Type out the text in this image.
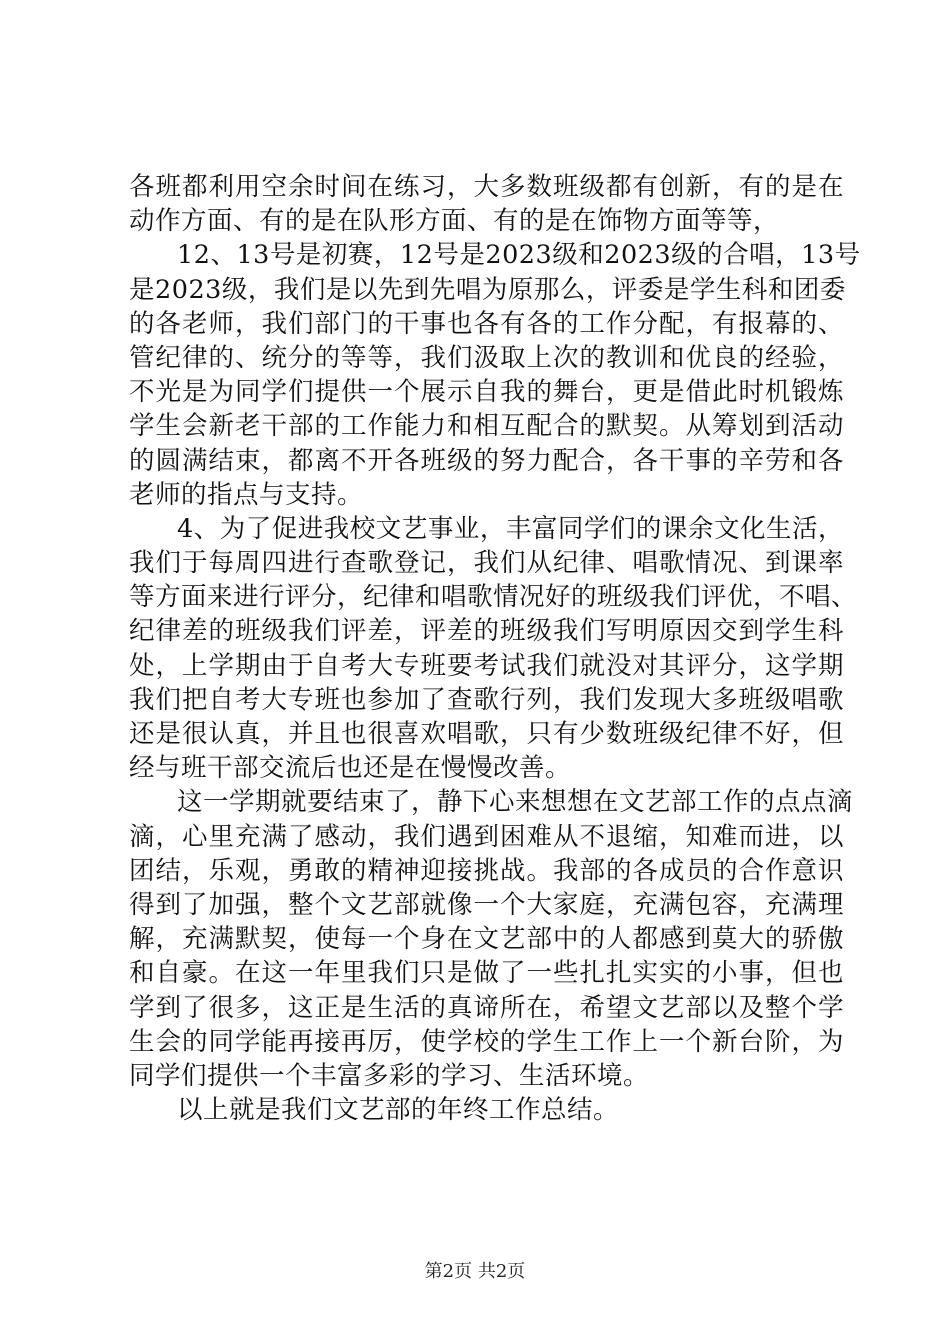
各班都利用空余时间在练习，大多数班级都有创新，有的是在
动作方面、有的是在队形方面、有的是在饰物方面等等，
12、13号是初赛，12号是2023级和2023级的合唱，13号
是2023级，我们是以先到先唱为原那么，评委是学生科和团委
的各老师，我们部门的干事也各有各的工作分配，有报幕的、
管纪律的、统分的等等，我们汲取上次的教训和优良的经验，
不光是为同学们提供一个展示自我的舞台，更是借此时机锻炼
学生会新老干部的工作能力和相互配合的默契。从筹划到活动
的圆满结束，都离不开各班级的努力配合，各干事的辛劳和各
老师的指点与支持。
4、为了促进我校文艺事业，丰富同学们的课余文化生活，
我们于每周四进行查歌登记，我们从纪律、唱歌情况、到课率
等方面来进行评分，纪律和唱歌情况好的班级我们评优，不唱、
纪律差的班级我们评差，评差的班级我们写明原因交到学生科
处，上学期由于自考大专班要考试我们就没对其评分，这学期
我们把自考大专班也参加了查歌行列，我们发现大多班级唱歌
还是很认真，并且也很喜欢唱歌，只有少数班级纪律不好，但
经与班干部交流后也还是在慢慢改善。
这一学期就要结束了，静下心来想想在文艺部工作的点点滴
滴，心里充满了感动，我们遇到困难从不退缩，知难而进，以
团结，乐观，勇敢的精神迎接挑战。我部的各成员的合作意识
得到了加强，整个文艺部就像一个大家庭，充满包容，充满理
解，充满默契，使每一个身在文艺部中的人都感到莫大的骄傲
和自豪。在这一年里我们只是做了一些扎扎实实的小事，但也
学到了很多，这正是生活的真谛所在，希望文艺部以及整个学
生会的同学能再接再厉，使学校的学生工作上一个新台阶，为
同学们提供一个丰富多彩的学习、生活环境。
以上就是我们文艺部的年终工作总结。
第2页 共2页
